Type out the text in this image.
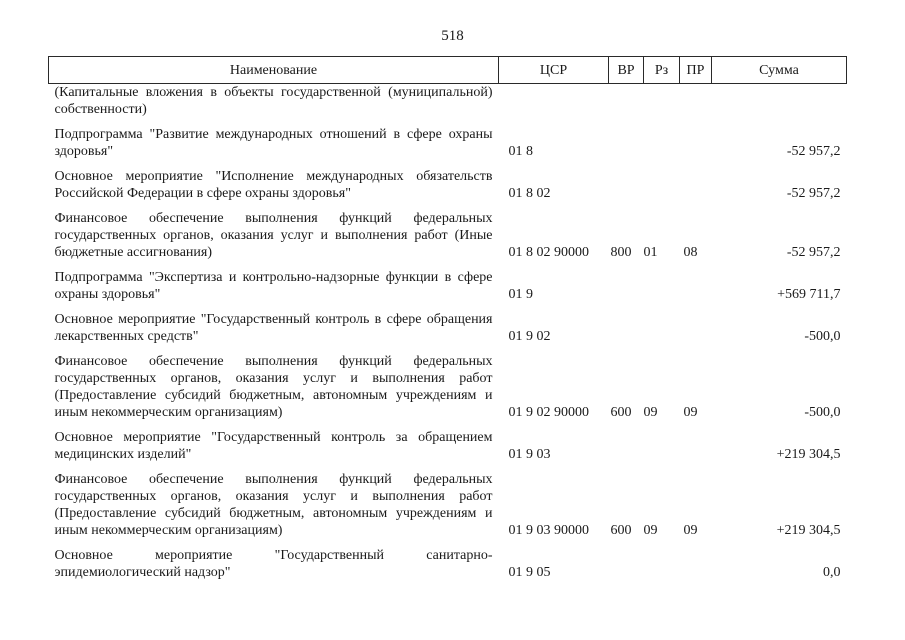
518
Наименование	ЦСР	ВР	Рз	ПР	Сумма
(Капитальные вложения в объекты государственной (муниципальной) собственности)					

Подпрограмма "Развитие международных отношений в сфере охраны здоровья"	01 8				-52 957,2

Основное мероприятие "Исполнение международных обязательств Российской Федерации в сфере охраны здоровья"	01 8 02				-52 957,2

Финансовое обеспечение выполнения функций федеральных государственных органов, оказания услуг и выполнения работ (Иные бюджетные ассигнования)	01 8 02 90000	800	01	08	-52 957,2

Подпрограмма "Экспертиза и контрольно-надзорные функции в сфере охраны здоровья"	01 9				+569 711,7

Основное мероприятие "Государственный контроль в сфере обращения лекарственных средств"	01 9 02				-500,0

Финансовое обеспечение выполнения функций федеральных государственных органов, оказания услуг и выполнения работ (Предоставление субсидий бюджетным, автономным учреждениям и иным некоммерческим организациям)	01 9 02 90000	600	09	09	-500,0

Основное мероприятие "Государственный контроль за обращением медицинских изделий"	01 9 03				+219 304,5

Финансовое обеспечение выполнения функций федеральных государственных органов, оказания услуг и выполнения работ (Предоставление субсидий бюджетным, автономным учреждениям и иным некоммерческим организациям)	01 9 03 90000	600	09	09	+219 304,5

Основное мероприятие "Государственный санитарно-эпидемиологический надзор"	01 9 05				0,0
